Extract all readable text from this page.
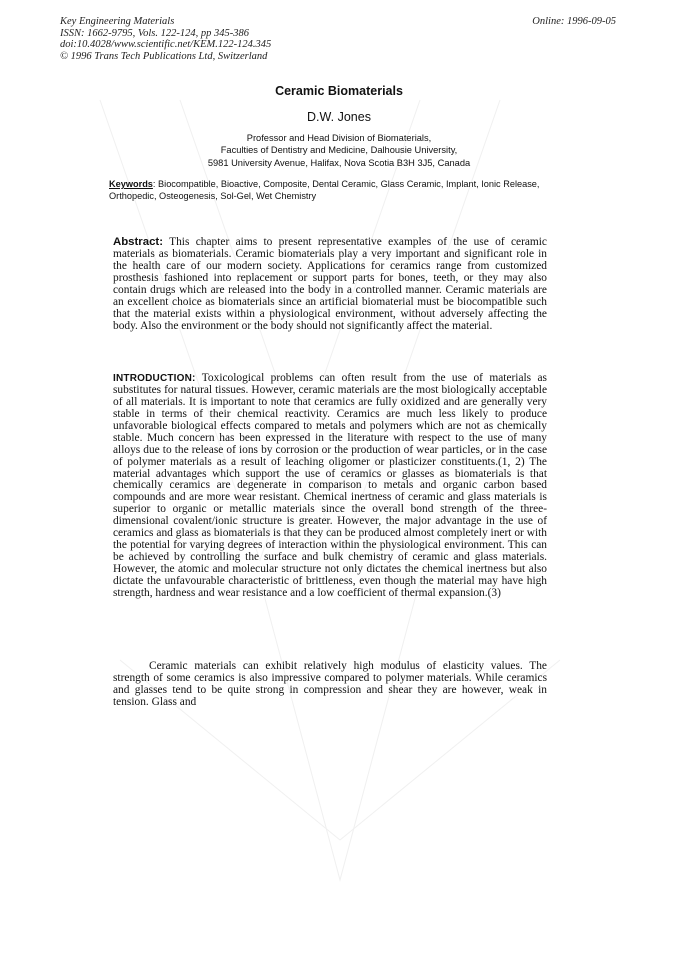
Key Engineering Materials
ISSN: 1662-9795, Vols. 122-124, pp 345-386
doi:10.4028/www.scientific.net/KEM.122-124.345
© 1996 Trans Tech Publications Ltd, Switzerland
Online: 1996-09-05
Ceramic Biomaterials
D.W. Jones
Professor and Head Division of Biomaterials,
Faculties of Dentistry and Medicine, Dalhousie University,
5981 University Avenue, Halifax, Nova Scotia B3H 3J5, Canada
Keywords: Biocompatible, Bioactive, Composite, Dental Ceramic, Glass Ceramic, Implant, Ionic Release, Orthopedic, Osteogenesis, Sol-Gel, Wet Chemistry

Abstract: This chapter aims to present representative examples of the use of ceramic materials as biomaterials. Ceramic biomaterials play a very important and significant role in the health care of our modern society. Applications for ceramics range from customized prosthesis fashioned into replacement or support parts for bones, teeth, or they may also contain drugs which are released into the body in a controlled manner. Ceramic materials are an excellent choice as biomaterials since an artificial biomaterial must be biocompatible such that the material exists within a physiological environment, without adversely affecting the body. Also the environment or the body should not significantly affect the material.

INTRODUCTION: Toxicological problems can often result from the use of materials as substitutes for natural tissues. However, ceramic materials are the most biologically acceptable of all materials. It is important to note that ceramics are fully oxidized and are generally very stable in terms of their chemical reactivity. Ceramics are much less likely to produce unfavorable biological effects compared to metals and polymers which are not as chemically stable. Much concern has been expressed in the literature with respect to the use of many alloys due to the release of ions by corrosion or the production of wear particles, or in the case of polymer materials as a result of leaching oligomer or plasticizer constituents.(1, 2) The material advantages which support the use of ceramics or glasses as biomaterials is that chemically ceramics are degenerate in comparison to metals and organic carbon based compounds and are more wear resistant. Chemical inertness of ceramic and glass materials is superior to organic or metallic materials since the overall bond strength of the three-dimensional covalent/ionic structure is greater. However, the major advantage in the use of ceramics and glass as biomaterials is that they can be produced almost completely inert or with the potential for varying degrees of interaction within the physiological environment. This can be achieved by controlling the surface and bulk chemistry of ceramic and glass materials. However, the atomic and molecular structure not only dictates the chemical inertness but also dictate the unfavourable characteristic of brittleness, even though the material may have high strength, hardness and wear resistance and a low coefficient of thermal expansion.(3)

Ceramic materials can exhibit relatively high modulus of elasticity values. The strength of some ceramics is also impressive compared to polymer materials. While ceramics and glasses tend to be quite strong in compression and shear they are however, weak in tension. Glass and
